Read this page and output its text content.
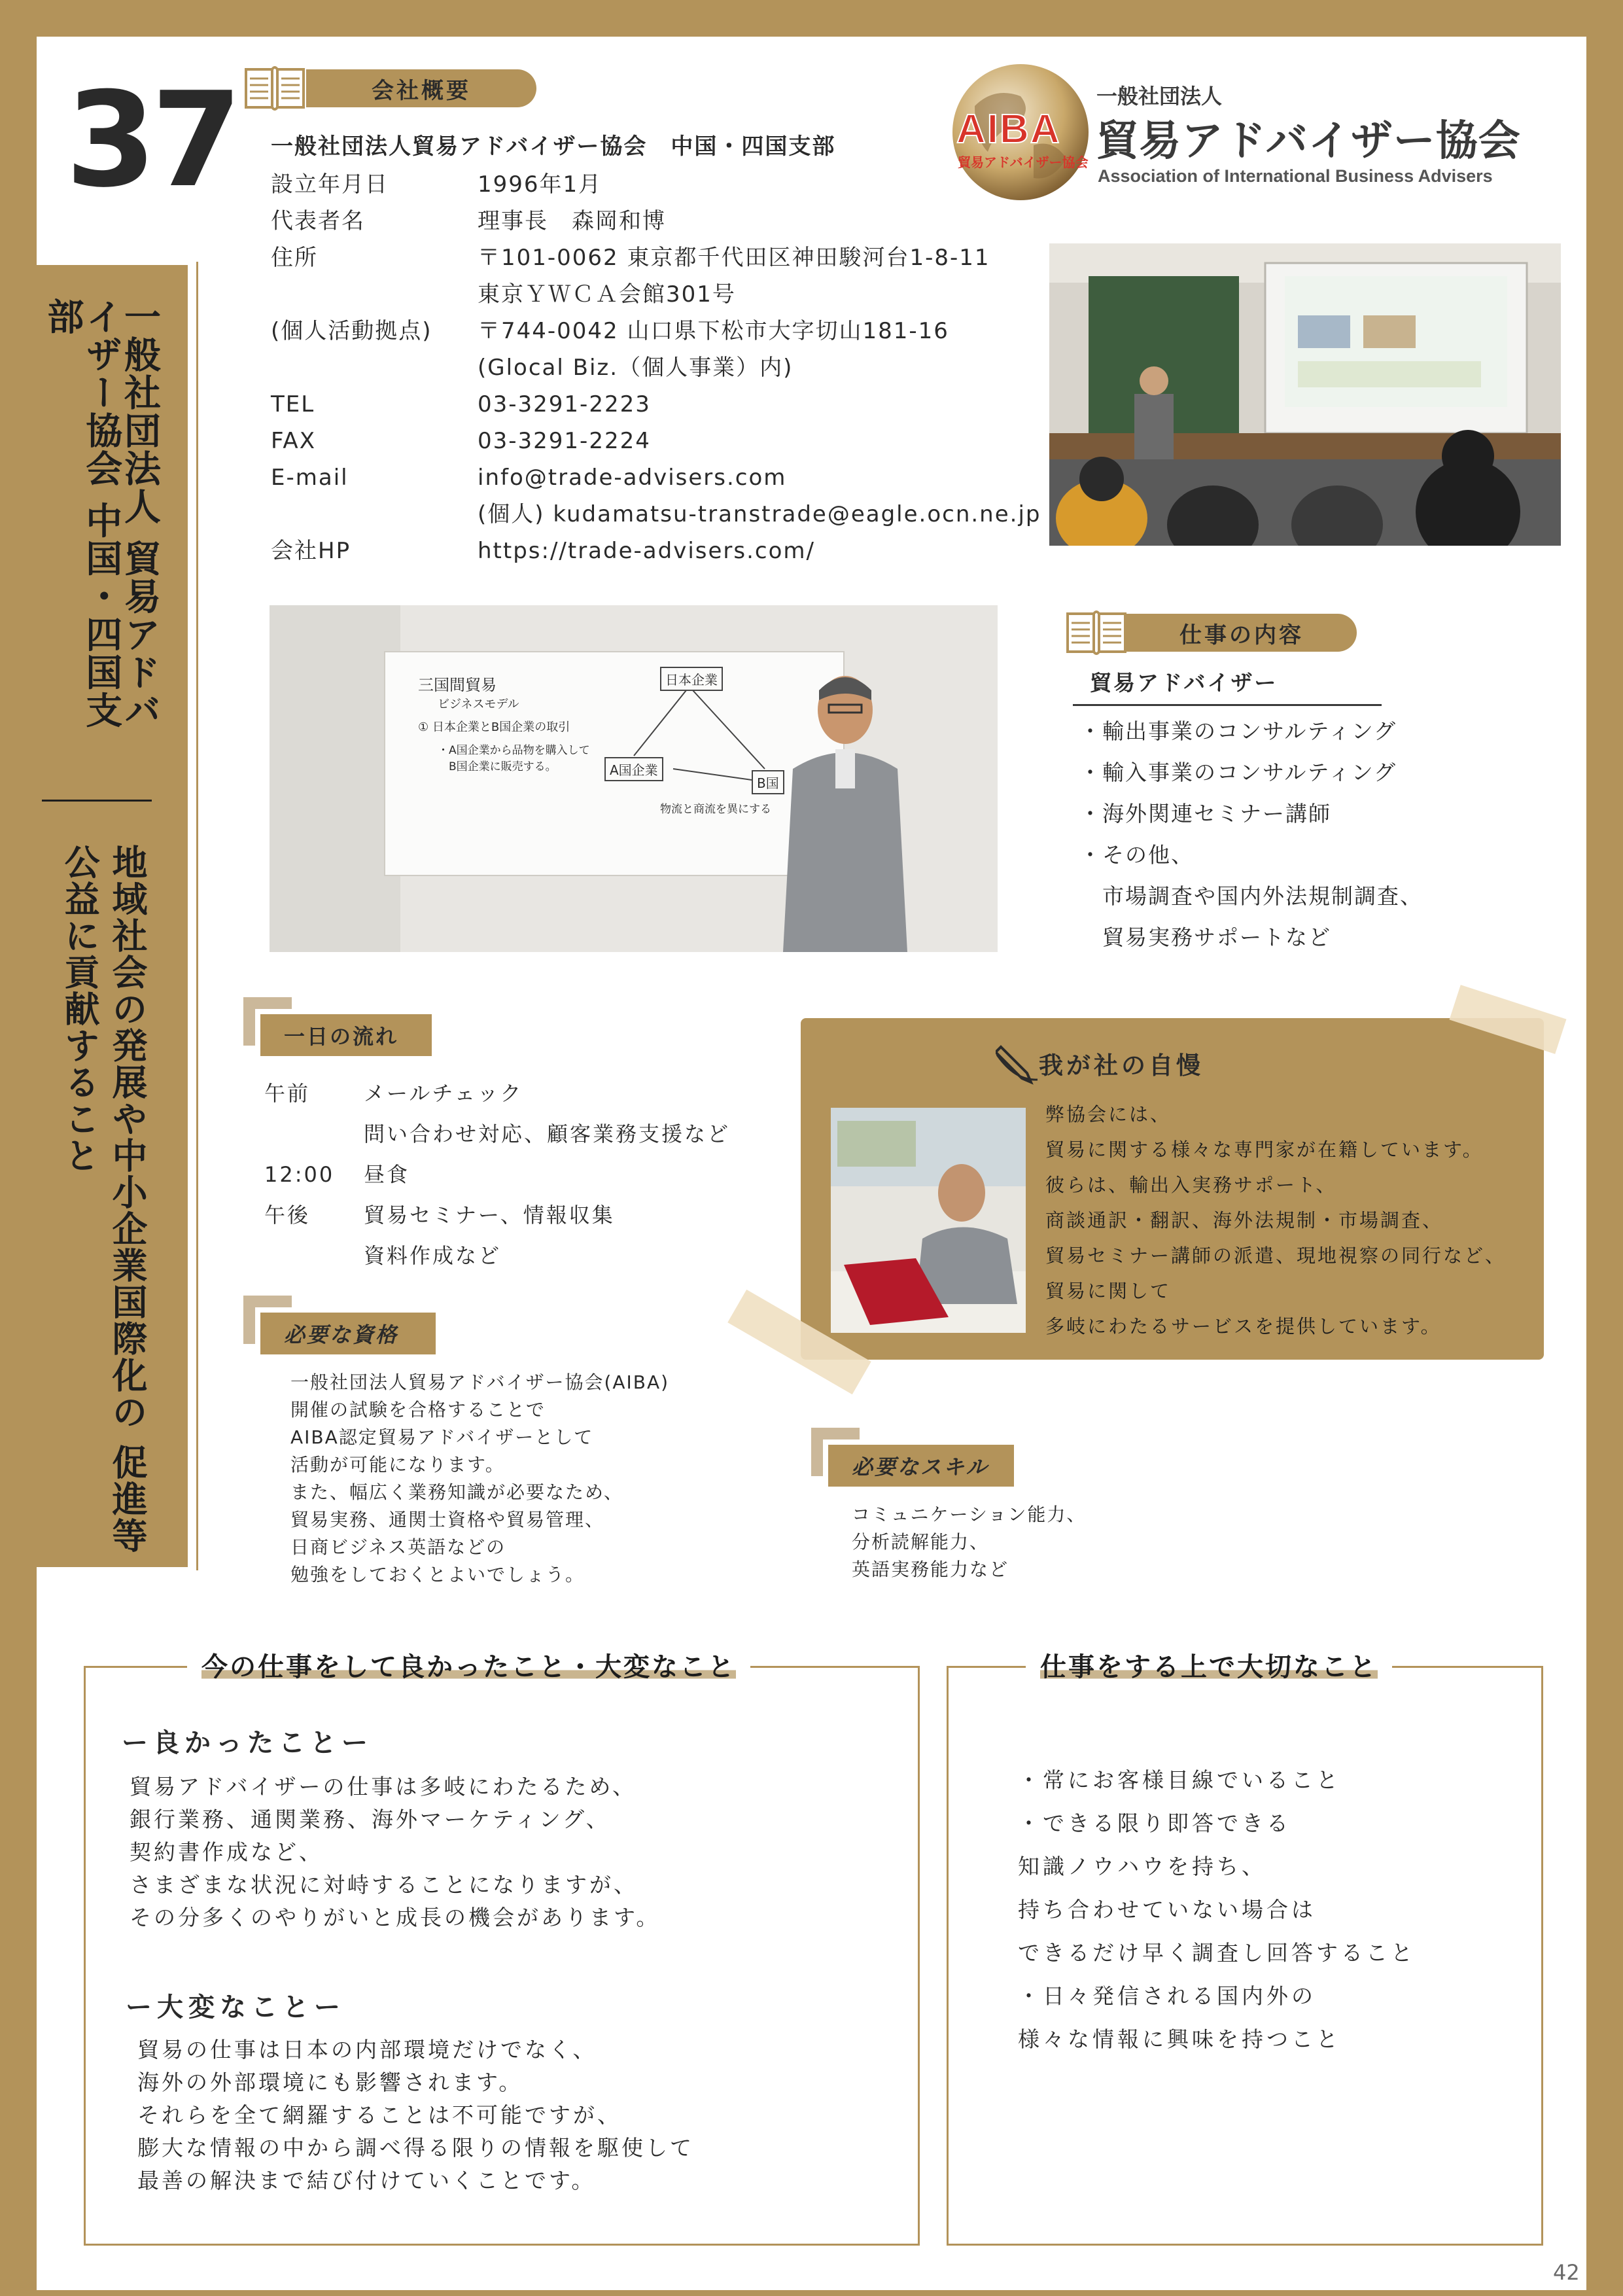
37
一般社団法人 貿易アドバイザー協会 中国・四国支部
地域社会の発展や中小企業国際化の 促進等公益に貢献すること
会社概要
一般社団法人貿易アドバイザー協会　中国・四国支部
設立年月日	1996年1月
代表者名	理事長　森岡和博
住所	〒101-0062 東京都千代田区神田駿河台1-8-11
東京ＹＷＣＡ会館301号
(個人活動拠点)	〒744-0042 山口県下松市大字切山181-16
(Glocal Biz.（個人事業）内)
TEL	03-3291-2223
FAX	03-3291-2224
E-mail	info@trade-advisers.com
(個人) kudamatsu-transtrade@eagle.ocn.ne.jp
会社HP	https://trade-advisers.com/
AIBA
貿易アドバイザー協会
一般社団法人
貿易アドバイザー協会
Association of International Business Advisers
三国間貿易
ビジネスモデル
① 日本企業とB国企業の取引
・A国企業から品物を購入して
　B国企業に販売する。
日本企業
A国企業
B国
物流と商流を異にする
仕事の内容
貿易アドバイザー
・輸出事業のコンサルティング
・輸入事業のコンサルティング
・海外関連セミナー講師
・その他、
　市場調査や国内外法規制調査、
　貿易実務サポートなど
一日の流れ
午前	メールチェック
問い合わせ対応、顧客業務支援など
12:00	昼食
午後	貿易セミナー、情報収集
資料作成など
我が社の自慢
弊協会には、
貿易に関する様々な専門家が在籍しています。
彼らは、輸出入実務サポート、
商談通訳・翻訳、海外法規制・市場調査、
貿易セミナー講師の派遣、現地視察の同行など、
貿易に関して
多岐にわたるサービスを提供しています。
必要な資格
一般社団法人貿易アドバイザー協会(AIBA)
開催の試験を合格することで
AIBA認定貿易アドバイザーとして
活動が可能になります。
また、幅広く業務知識が必要なため、
貿易実務、通関士資格や貿易管理、
日商ビジネス英語などの
勉強をしておくとよいでしょう。
必要なスキル
コミュニケーション能力、
分析読解能力、
英語実務能力など
今の仕事をして良かったこと・大変なこと
ー良かったことー
貿易アドバイザーの仕事は多岐にわたるため、
銀行業務、通関業務、海外マーケティング、
契約書作成など、
さまざまな状況に対峙することになりますが、
その分多くのやりがいと成長の機会があります。
ー大変なことー
貿易の仕事は日本の内部環境だけでなく、
海外の外部環境にも影響されます。
それらを全て網羅することは不可能ですが、
膨大な情報の中から調べ得る限りの情報を駆使して
最善の解決まで結び付けていくことです。
仕事をする上で大切なこと
・常にお客様目線でいること
・できる限り即答できる
知識ノウハウを持ち、
持ち合わせていない場合は
できるだけ早く調査し回答すること
・日々発信される国内外の
様々な情報に興味を持つこと
42
